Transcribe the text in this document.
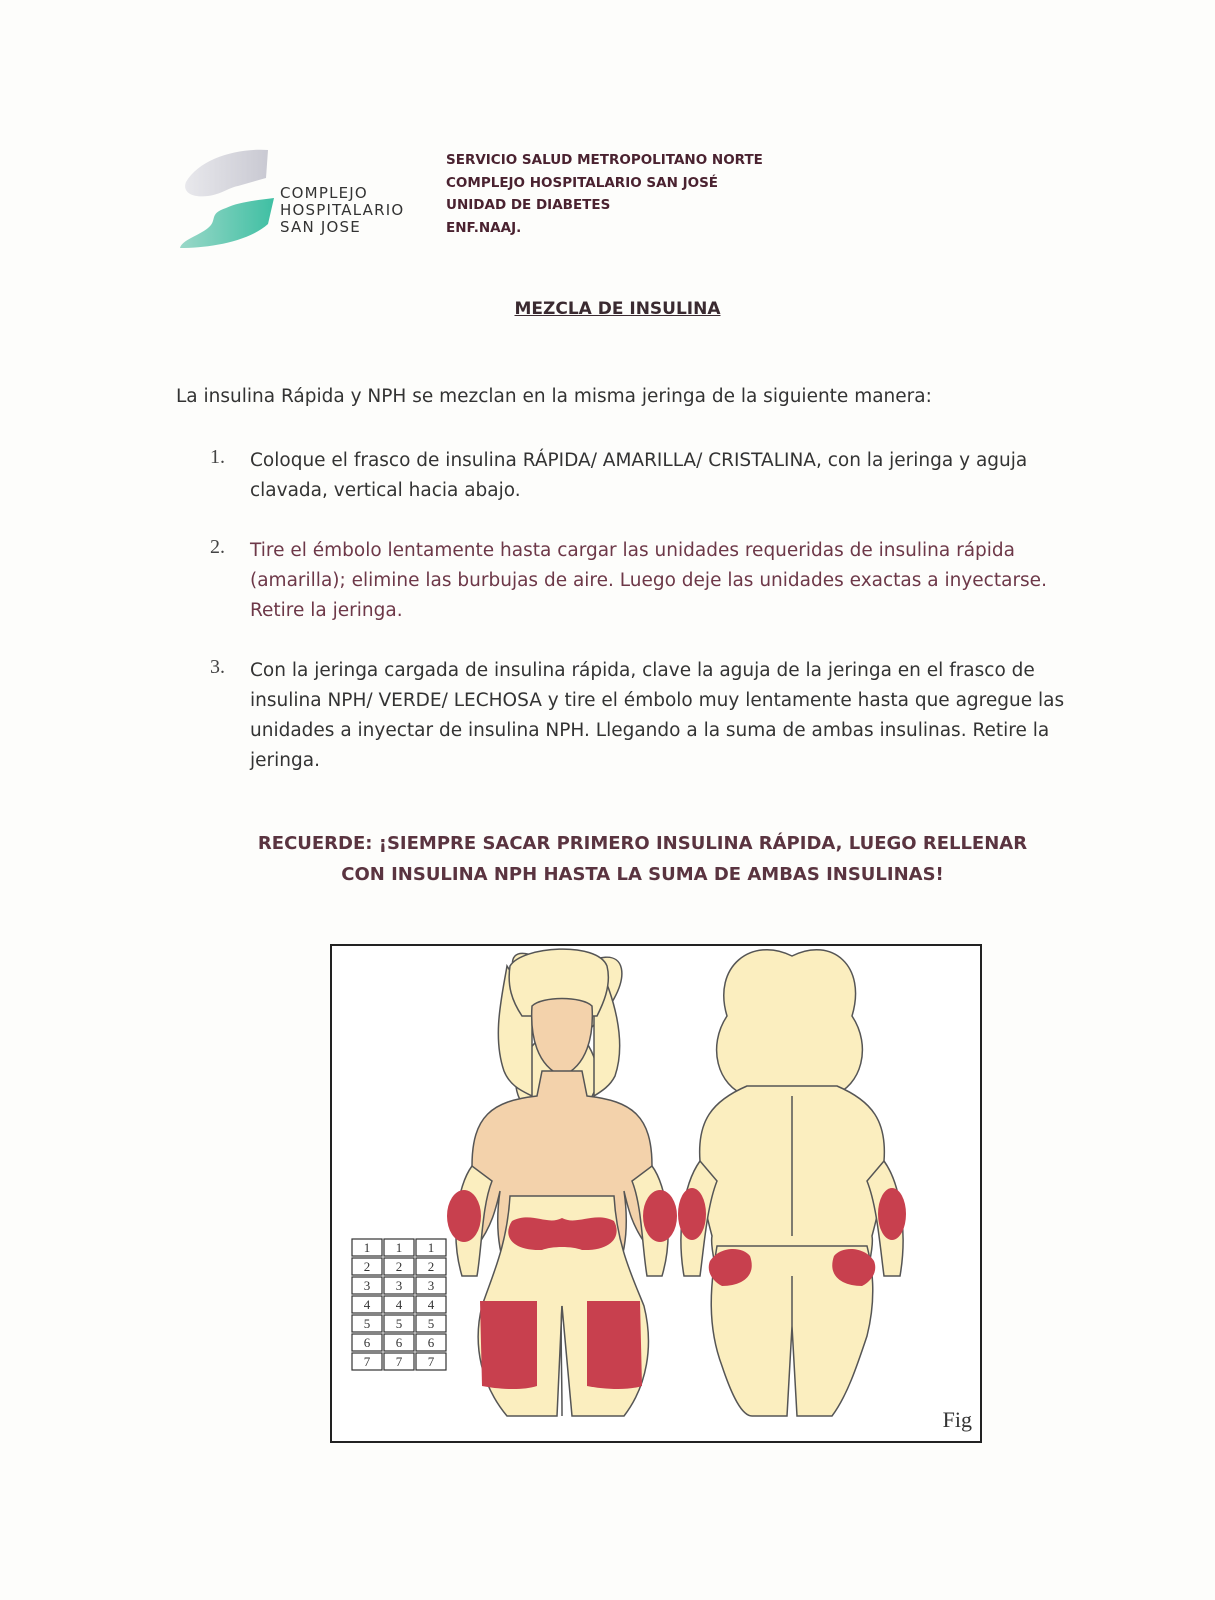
COMPLEJO
HOSPITALARIO
SAN JOSE
SERVICIO SALUD METROPOLITANO NORTE
COMPLEJO HOSPITALARIO SAN JOSÉ
UNIDAD DE DIABETES
ENF.NAAJ.
MEZCLA DE INSULINA
La insulina Rápida y NPH se mezclan en la misma jeringa de la siguiente manera:
1. Coloque el frasco de insulina RÁPIDA/ AMARILLA/ CRISTALINA, con la jeringa y aguja clavada, vertical hacia abajo.
2. Tire el émbolo lentamente hasta cargar las unidades requeridas de insulina rápida (amarilla); elimine las burbujas de aire. Luego deje las unidades exactas a inyectarse. Retire la jeringa.
3. Con la jeringa cargada de insulina rápida, clave la aguja de la jeringa en el frasco de insulina NPH/ VERDE/ LECHOSA y tire el émbolo muy lentamente hasta que agregue las unidades a inyectar de insulina NPH. Llegando a la suma de ambas insulinas. Retire la jeringa.
RECUERDE: ¡SIEMPRE SACAR PRIMERO INSULINA RÁPIDA, LUEGO RELLENAR CON INSULINA NPH HASTA LA SUMA DE AMBAS INSULINAS!
1 1 1
2 2 2
3 3 3
4 4 4
5 5 5
6 6 6
7 7 7
Fig
